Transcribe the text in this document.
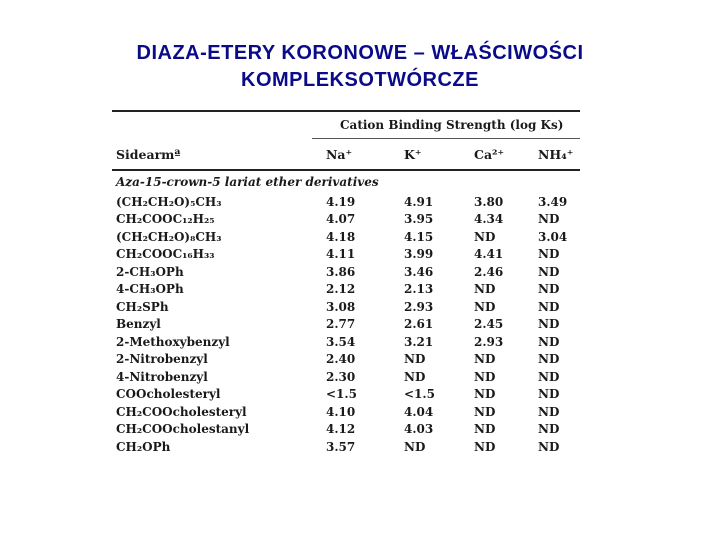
DIAZA-ETERY KORONOWE – WŁAŚCIWOŚCI
KOMPLEKSOTWÓRCZE
Cation Binding Strength (log Ks)
Sidearmª	Na⁺	K⁺	Ca²⁺	NH₄⁺
Aza-15-crown-5 lariat ether derivatives
(CH₂CH₂O)₅CH₃	4.19	4.91	3.80	3.49
CH₂COOC₁₂H₂₅	4.07	3.95	4.34	ND
(CH₂CH₂O)₈CH₃	4.18	4.15	ND	3.04
CH₂COOC₁₆H₃₃	4.11	3.99	4.41	ND
2-CH₃OPh	3.86	3.46	2.46	ND
4-CH₃OPh	2.12	2.13	ND	ND
CH₂SPh	3.08	2.93	ND	ND
Benzyl	2.77	2.61	2.45	ND
2-Methoxybenzyl	3.54	3.21	2.93	ND
2-Nitrobenzyl	2.40	ND	ND	ND
4-Nitrobenzyl	2.30	ND	ND	ND
COOcholesteryl	<1.5	<1.5	ND	ND
CH₂COOcholesteryl	4.10	4.04	ND	ND
CH₂COOcholestanyl	4.12	4.03	ND	ND
CH₂OPh	3.57	ND	ND	ND
